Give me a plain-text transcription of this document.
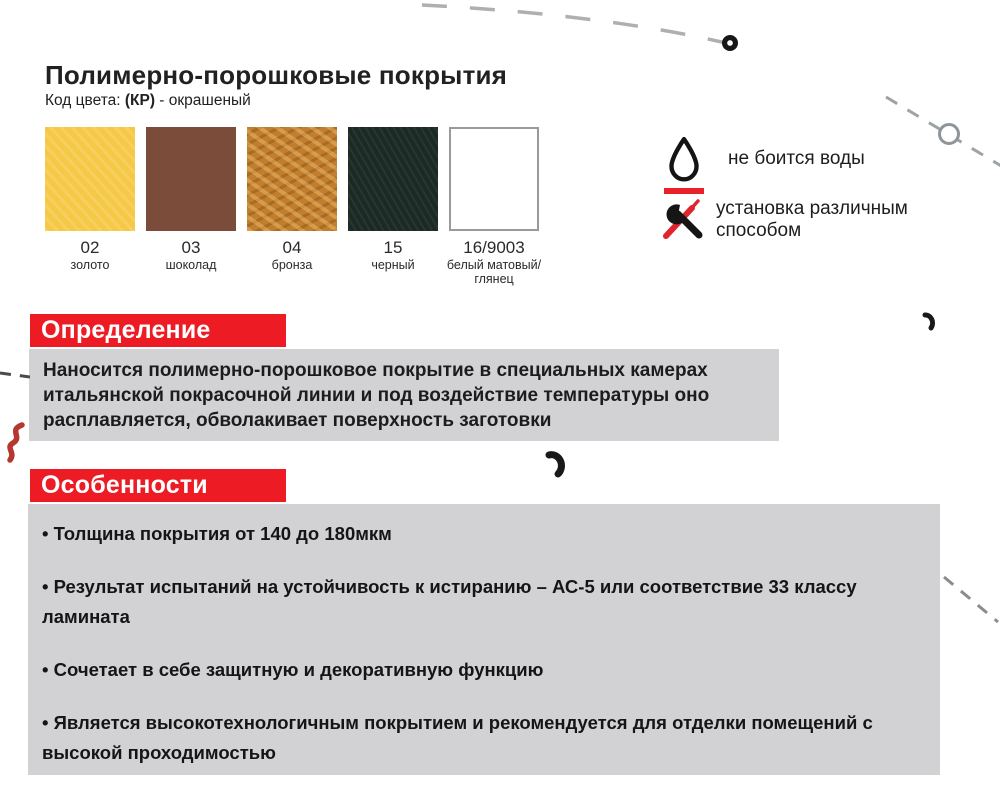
Полимерно-порошковые покрытия
Код цвета: (КР) - окрашеный
02
золото
03
шоколад
04
бронза
15
черный
16/9003
белый матовый/глянец
не боится воды
установка различным способом
Определение
Наносится полимерно-порошковое покрытие в специальных камерах итальянской покрасочной линии и под воздействие температуры оно расплавляется, обволакивает поверхность заготовки
Особенности

• Толщина покрытия от 140 до 180мкм

• Результат испытаний на устойчивость к истиранию – АС-5 или соответствие 33 классу ламината

• Сочетает в себе защитную и декоративную функцию

• Является высокотехнологичным покрытием и рекомендуется для отделки помещений с высокой проходимостью
